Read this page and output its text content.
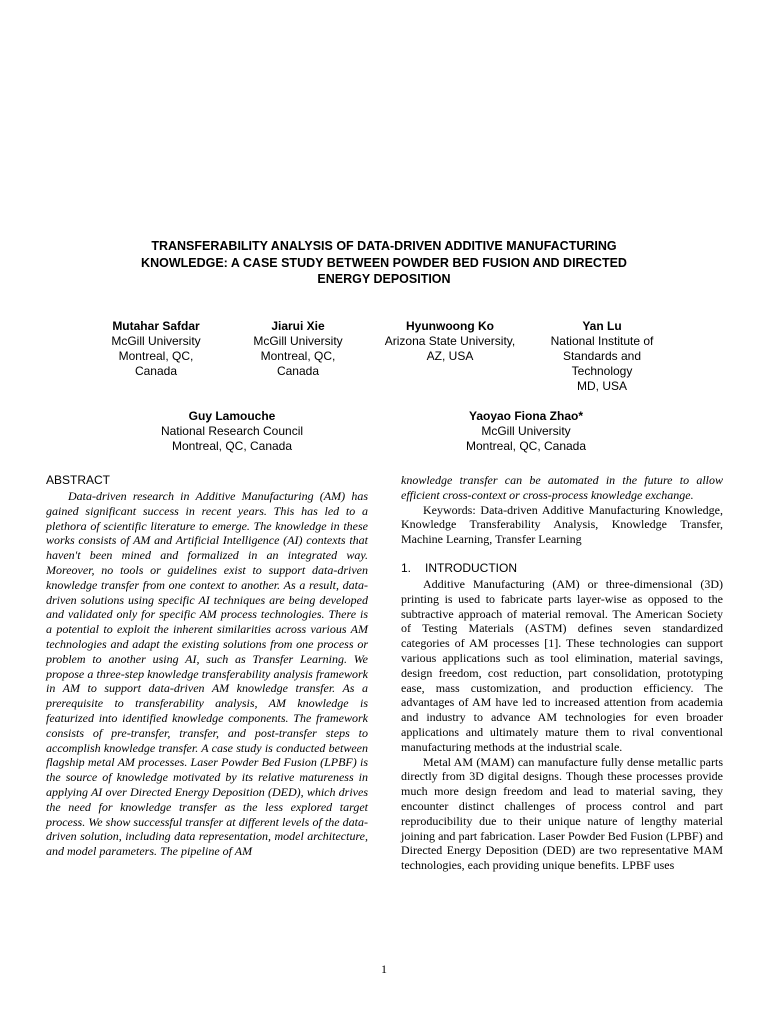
TRANSFERABILITY ANALYSIS OF DATA-DRIVEN ADDITIVE MANUFACTURING
KNOWLEDGE: A CASE STUDY BETWEEN POWDER BED FUSION AND DIRECTED
ENERGY DEPOSITION
Mutahar Safdar
McGill University
Montreal, QC,
Canada
Jiarui Xie
McGill University
Montreal, QC,
Canada
Hyunwoong Ko
Arizona State University,
AZ, USA
Yan Lu
National Institute of
Standards and
Technology
MD, USA
Guy Lamouche
National Research Council
Montreal, QC, Canada
Yaoyao Fiona Zhao*
McGill University
Montreal, QC, Canada
ABSTRACT

Data-driven research in Additive Manufacturing (AM) has gained significant success in recent years. This has led to a plethora of scientific literature to emerge. The knowledge in these works consists of AM and Artificial Intelligence (AI) contexts that haven't been mined and formalized in an integrated way. Moreover, no tools or guidelines exist to support data-driven knowledge transfer from one context to another. As a result, data-driven solutions using specific AI techniques are being developed and validated only for specific AM process technologies. There is a potential to exploit the inherent similarities across various AM technologies and adapt the existing solutions from one process or problem to another using AI, such as Transfer Learning. We propose a three-step knowledge transferability analysis framework in AM to support data-driven AM knowledge transfer. As a prerequisite to transferability analysis, AM knowledge is featurized into identified knowledge components. The framework consists of pre-transfer, transfer, and post-transfer steps to accomplish knowledge transfer. A case study is conducted between flagship metal AM processes. Laser Powder Bed Fusion (LPBF) is the source of knowledge motivated by its relative matureness in applying AI over Directed Energy Deposition (DED), which drives the need for knowledge transfer as the less explored target process. We show successful transfer at different levels of the data-driven solution, including data representation, model architecture, and model parameters. The pipeline of AM

knowledge transfer can be automated in the future to allow efficient cross-context or cross-process knowledge exchange.

Keywords: Data-driven Additive Manufacturing Knowledge, Knowledge Transferability Analysis, Knowledge Transfer, Machine Learning, Transfer Learning

1. INTRODUCTION

Additive Manufacturing (AM) or three-dimensional (3D) printing is used to fabricate parts layer-wise as opposed to the subtractive approach of material removal. The American Society of Testing Materials (ASTM) defines seven standardized categories of AM processes [1]. These technologies can support various applications such as tool elimination, material savings, design freedom, cost reduction, part consolidation, prototyping ease, mass customization, and production efficiency. The advantages of AM have led to increased attention from academia and industry to advance AM technologies for even broader applications and ultimately mature them to rival conventional manufacturing methods at the industrial scale.

Metal AM (MAM) can manufacture fully dense metallic parts directly from 3D digital designs. Though these processes provide much more design freedom and lead to material saving, they encounter distinct challenges of process control and part reproducibility due to their unique nature of lengthy material joining and part fabrication. Laser Powder Bed Fusion (LPBF) and Directed Energy Deposition (DED) are two representative MAM technologies, each providing unique benefits. LPBF uses

1
